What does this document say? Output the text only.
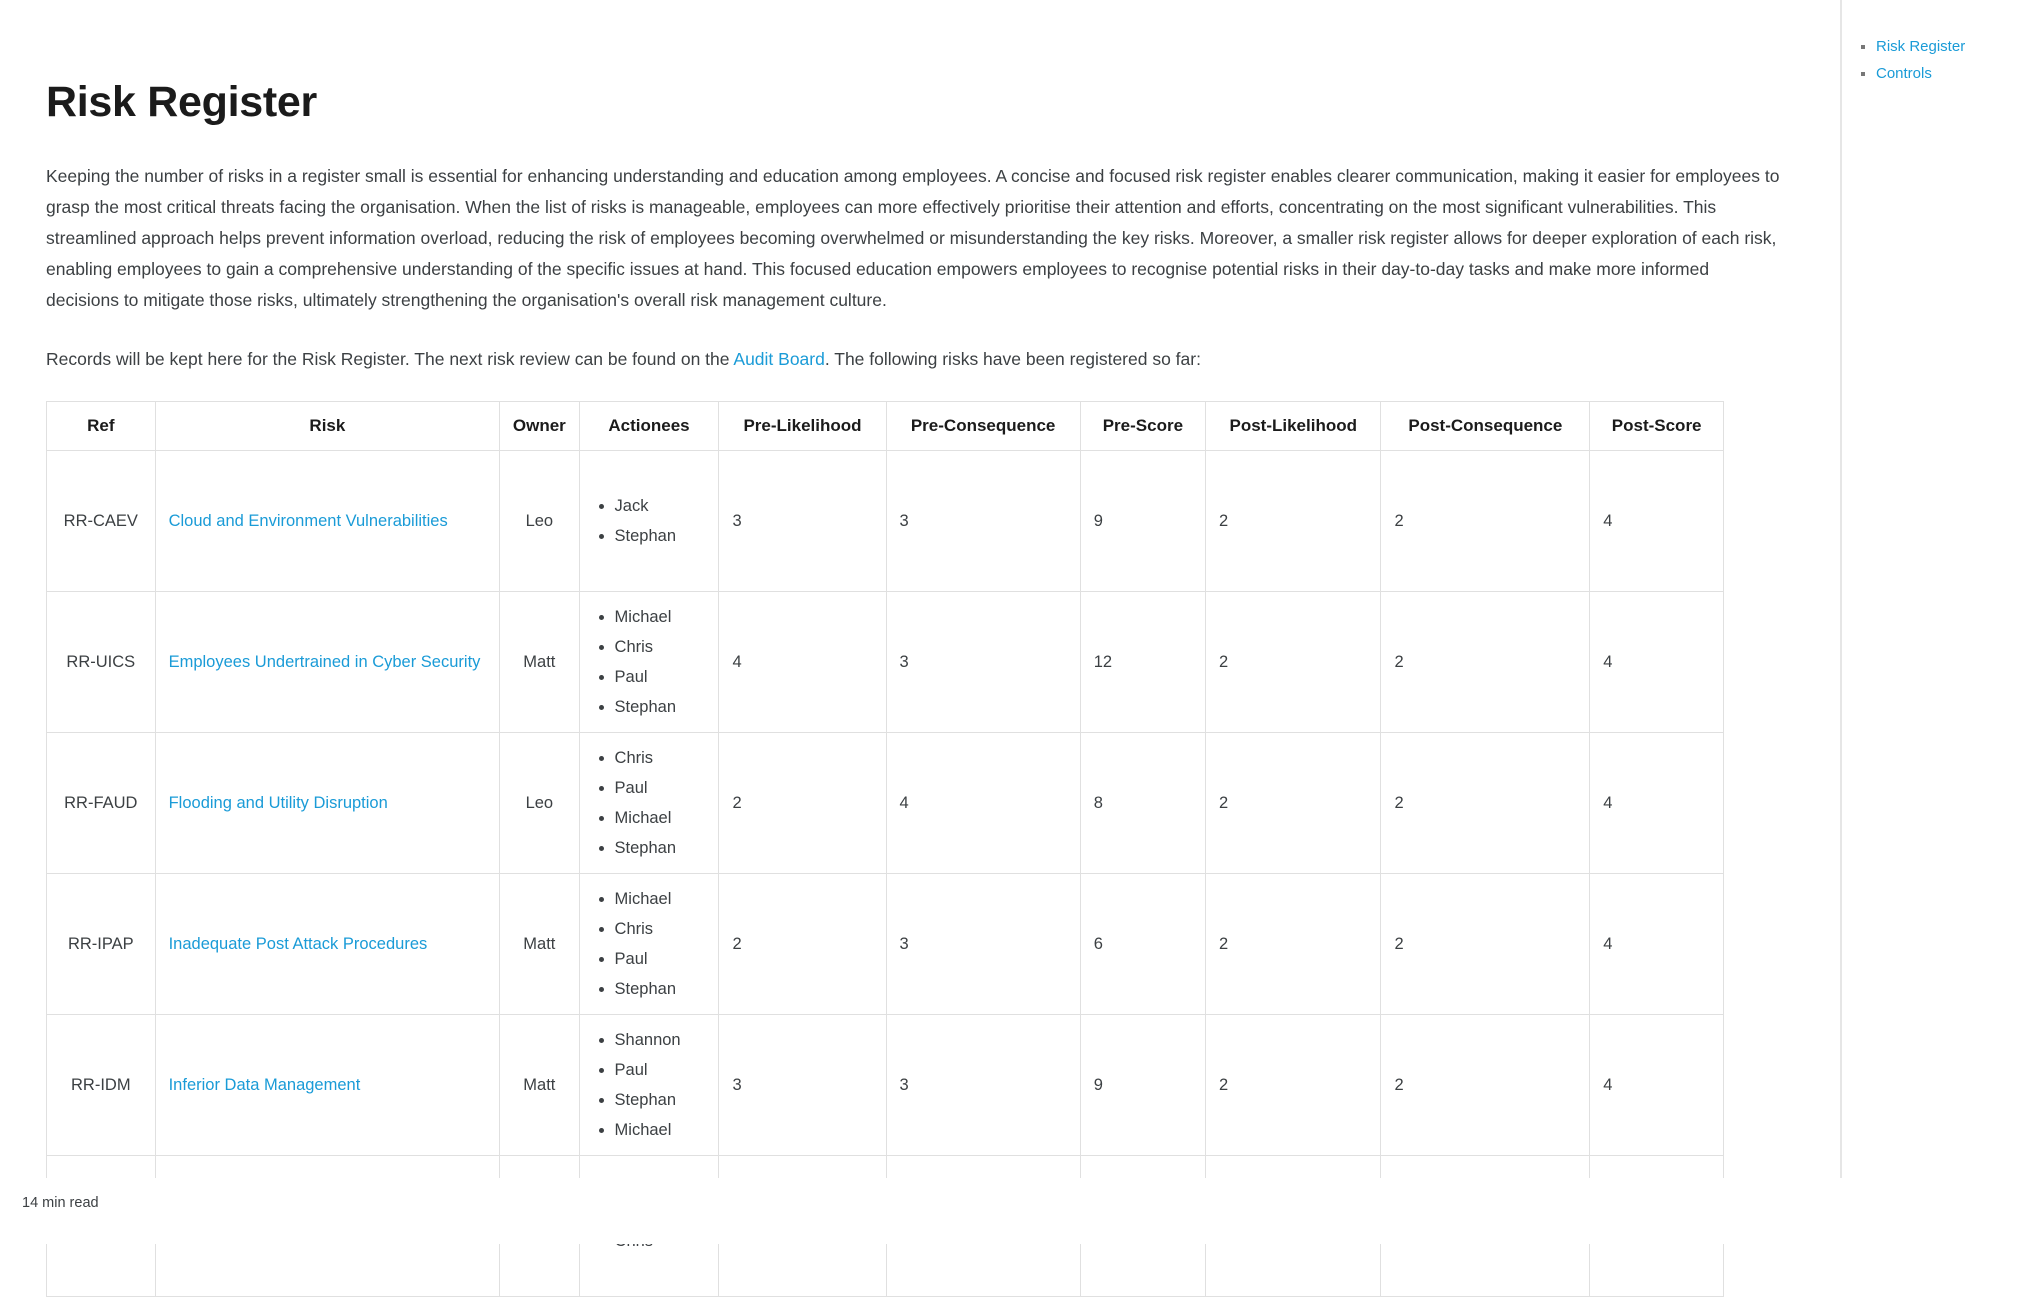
Risk Register

Keeping the number of risks in a register small is essential for enhancing understanding and education among employees. A concise and focused risk register enables clearer communication, making it easier for employees to grasp the most critical threats facing the organisation. When the list of risks is manageable, employees can more effectively prioritise their attention and efforts, concentrating on the most significant vulnerabilities. This streamlined approach helps prevent information overload, reducing the risk of employees becoming overwhelmed or misunderstanding the key risks. Moreover, a smaller risk register allows for deeper exploration of each risk, enabling employees to gain a comprehensive understanding of the specific issues at hand. This focused education empowers employees to recognise potential risks in their day-to-day tasks and make more informed decisions to mitigate those risks, ultimately strengthening the organisation's overall risk management culture.

Records will be kept here for the Risk Register. The next risk review can be found on the Audit Board. The following risks have been registered so far:

Ref	Risk	Owner	Actionees	Pre-Likelihood	Pre-Consequence	Pre-Score	Post-Likelihood	Post-Consequence	Post-Score
RR-CAEV	Cloud and Environment Vulnerabilities	Leo	
• Jack
• Stephan
	3	3	9	2	2	4
RR-UICS	Employees Undertrained in Cyber Security	Matt	
• Michael
• Chris
• Paul
• Stephan
	4	3	12	2	2	4
RR-FAUD	Flooding and Utility Disruption	Leo	
• Chris
• Paul
• Michael
• Stephan
	2	4	8	2	2	4
RR-IPAP	Inadequate Post Attack Procedures	Matt	
• Michael
• Chris
• Paul
• Stephan
	2	3	6	2	2	4
RR-IDM	Inferior Data Management	Matt	
• Shannon
• Paul
• Stephan
• Michael
	3	3	9	2	2	4

•
•

▪ Risk Register
▪ Controls
14 min read
